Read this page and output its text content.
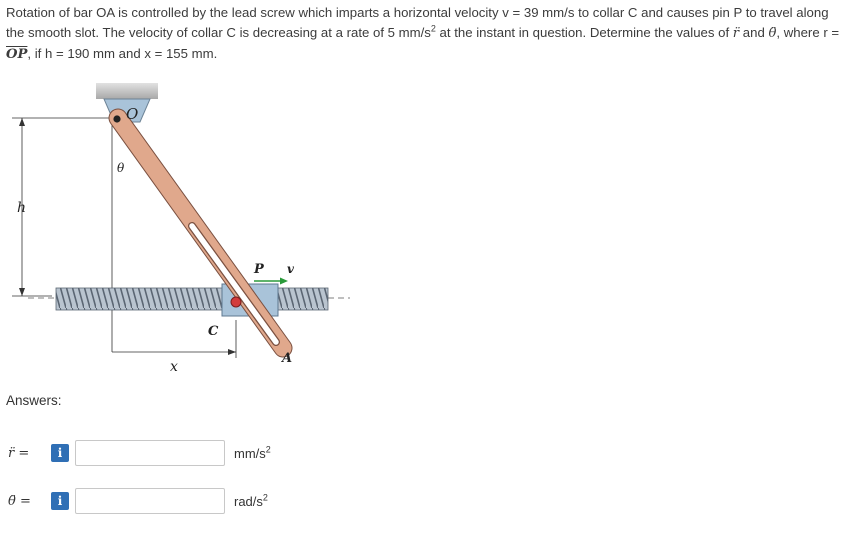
Rotation of bar OA is controlled by the lead screw which imparts a horizontal velocity v = 39 mm/s to collar C and causes pin P to travel along the smooth slot. The velocity of collar C is decreasing at a rate of 5 $mm/s^2$ at the instant in question. Determine the values of r̈ and θ̈, where $r = \overline{OP}$, if h = 190 mm and x = 155 mm.
O
θ
h
P v
C
A
x
Answers:
r̈ =	i	$mm/s^2$
θ̈ =	i	rad/$s^2$
